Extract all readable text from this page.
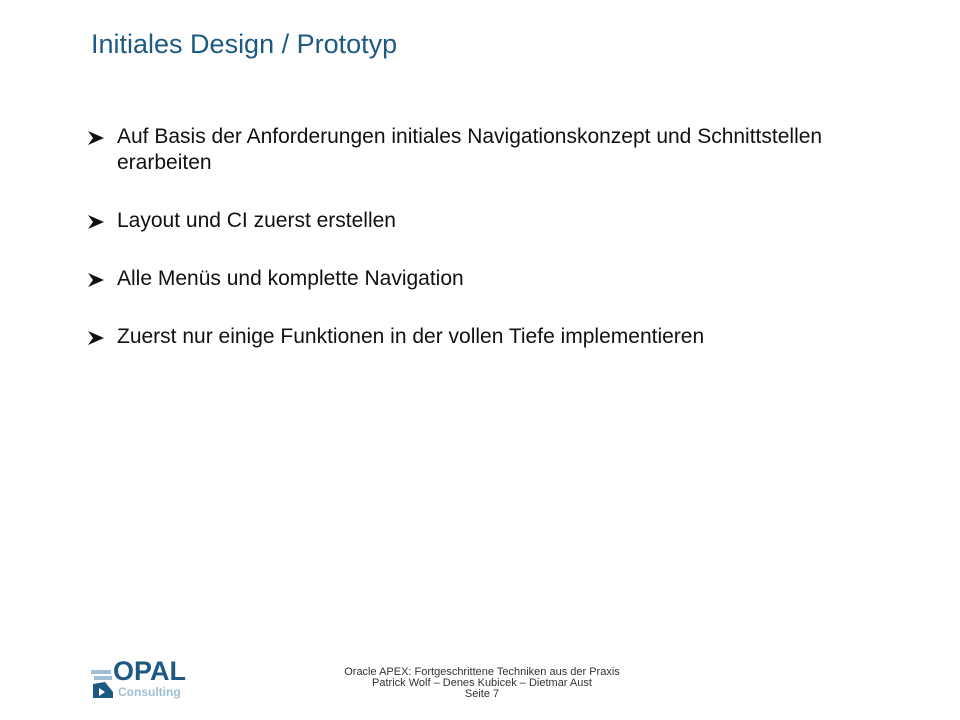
Initiales Design / Prototyp
Auf Basis der Anforderungen initiales Navigationskonzept und Schnittstellen erarbeiten
Layout und CI zuerst erstellen
Alle Menüs und komplette Navigation
Zuerst nur einige Funktionen in der vollen Tiefe implementieren
OPAL
Consulting
Oracle APEX: Fortgeschrittene Techniken aus der Praxis
Patrick Wolf – Denes Kubicek – Dietmar Aust
Seite 7
